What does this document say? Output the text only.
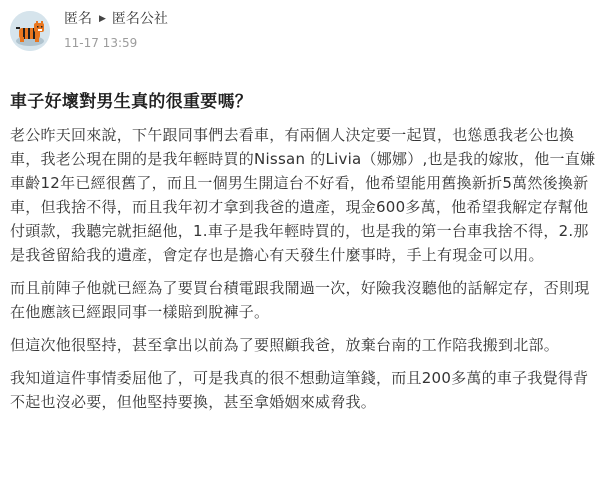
匿名 ▶ 匿名公社
11-17 13:59
車子好壞對男生真的很重要嗎？

老公昨天回來說，下午跟同事們去看車，有兩個人決定要一起買，也慫恿我老公也換車，我老公現在開的是我年輕時買的Nissan 的Livia（娜娜）,也是我的嫁妝，他一直嫌車齡12年已經很舊了，而且一個男生開這台不好看，他希望能用舊換新折5萬然後換新車，但我捨不得，而且我年初才拿到我爸的遺產，現金600多萬，他希望我解定存幫他付頭款，我聽完就拒絕他，1.車子是我年輕時買的，也是我的第一台車我捨不得，2.那是我爸留給我的遺產，會定存也是擔心有天發生什麼事時，手上有現金可以用。

而且前陣子他就已經為了要買台積電跟我鬧過一次，好險我沒聽他的話解定存，否則現在他應該已經跟同事一樣賠到脫褲子。

但這次他很堅持，甚至拿出以前為了要照顧我爸，放棄台南的工作陪我搬到北部。

我知道這件事情委屈他了，可是我真的很不想動這筆錢，而且200多萬的車子我覺得背不起也沒必要，但他堅持要換，甚至拿婚姻來威脅我。
